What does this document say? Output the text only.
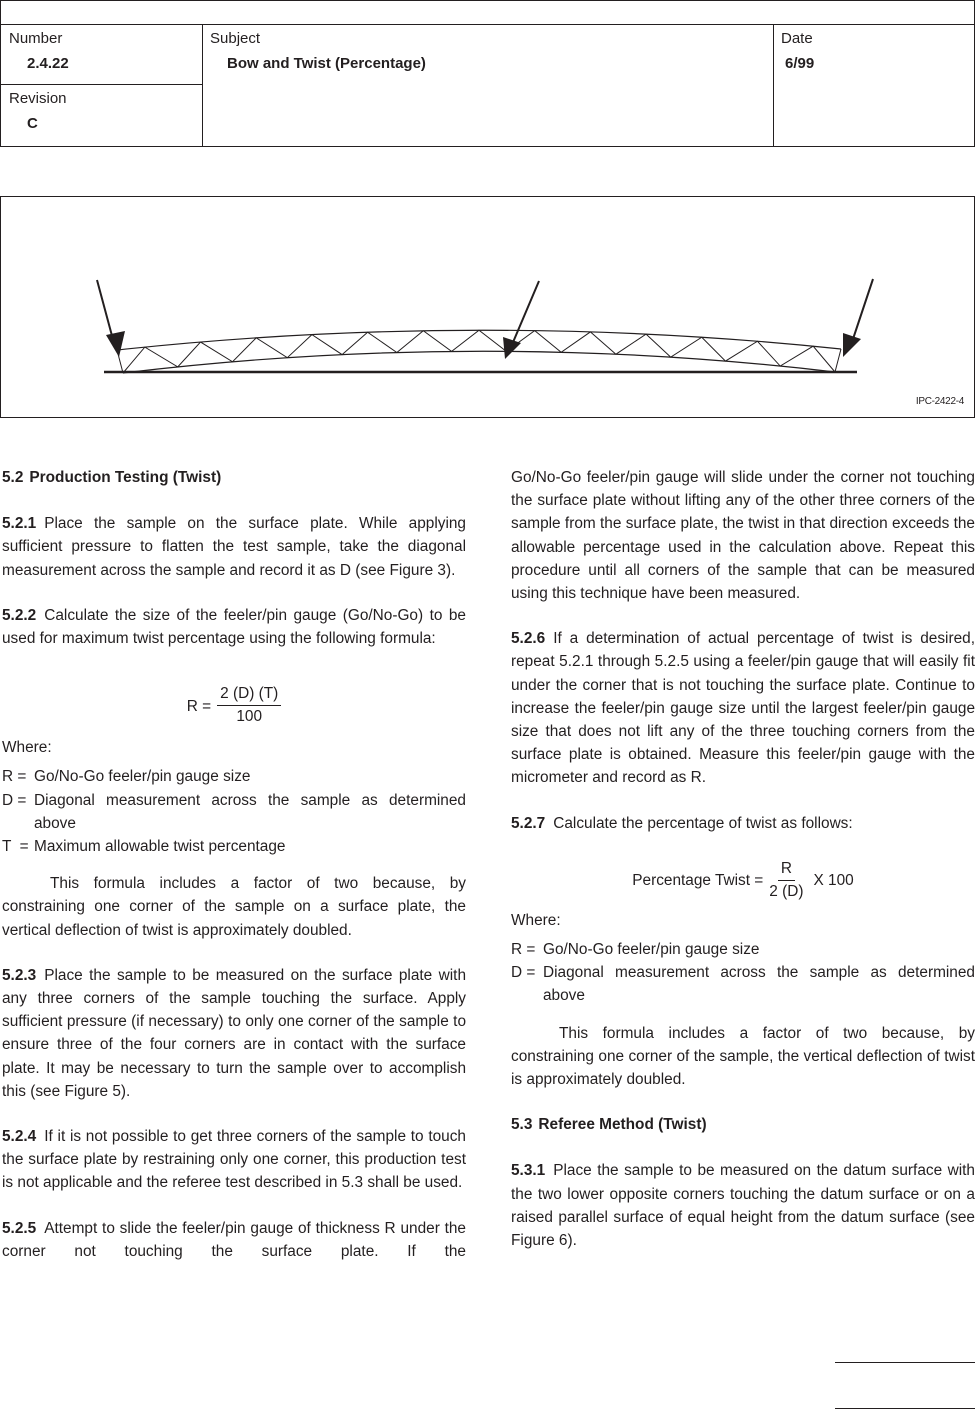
Number
2.4.22
Revision
C
Subject
Bow and Twist (Percentage)
Date
6/99
IPC-2422-4
5.2 Production Testing (Twist)

5.2.1 Place the sample on the surface plate. While applying sufficient pressure to flatten the test sample, take the diagonal measurement across the sample and record it as D (see Figure 3).

5.2.2 Calculate the size of the feeler/pin gauge (Go/No-Go) to be used for maximum twist percentage using the following formula:

$R = \frac{2 (D) (T)}{100}$
Where:
R = Go/No-Go feeler/pin gauge size
D = Diagonal measurement across the sample as determined above
T  = Maximum allowable twist percentage

This formula includes a factor of two because, by constraining one corner of the sample on a surface plate, the vertical deflection of twist is approximately doubled.

5.2.3 Place the sample to be measured on the surface plate with any three corners of the sample touching the surface. Apply sufficient pressure (if necessary) to only one corner of the sample to ensure three of the four corners are in contact with the surface plate. It may be necessary to turn the sample over to accomplish this (see Figure 5).

5.2.4 If it is not possible to get three corners of the sample to touch the surface plate by restraining only one corner, this production test is not applicable and the referee test described in 5.3 shall be used.

5.2.5 Attempt to slide the feeler/pin gauge of thickness R under the corner not touching the surface plate. If the

Go/No-Go feeler/pin gauge will slide under the corner not touching the surface plate without lifting any of the other three corners of the sample from the surface plate, the twist in that direction exceeds the allowable percentage used in the calculation above. Repeat this procedure until all corners of the sample that can be measured using this technique have been measured.

5.2.6 If a determination of actual percentage of twist is desired, repeat 5.2.1 through 5.2.5 using a feeler/pin gauge that will easily fit under the corner that is not touching the surface plate. Continue to increase the feeler/pin gauge size until the largest feeler/pin gauge size that does not lift any of the three touching corners from the surface plate is obtained. Measure this feeler/pin gauge with the micrometer and record as R.

5.2.7 Calculate the percentage of twist as follows:

Percentage Twist = $\frac{R}{2 (D)}$ X 100
Where:
R = Go/No-Go feeler/pin gauge size
D = Diagonal measurement across the sample as determined above

This formula includes a factor of two because, by constraining one corner of the sample, the vertical deflection of twist is approximately doubled.

5.3 Referee Method (Twist)

5.3.1 Place the sample to be measured on the datum surface with the two lower opposite corners touching the datum surface or on a raised parallel surface of equal height from the datum surface (see Figure 6).
